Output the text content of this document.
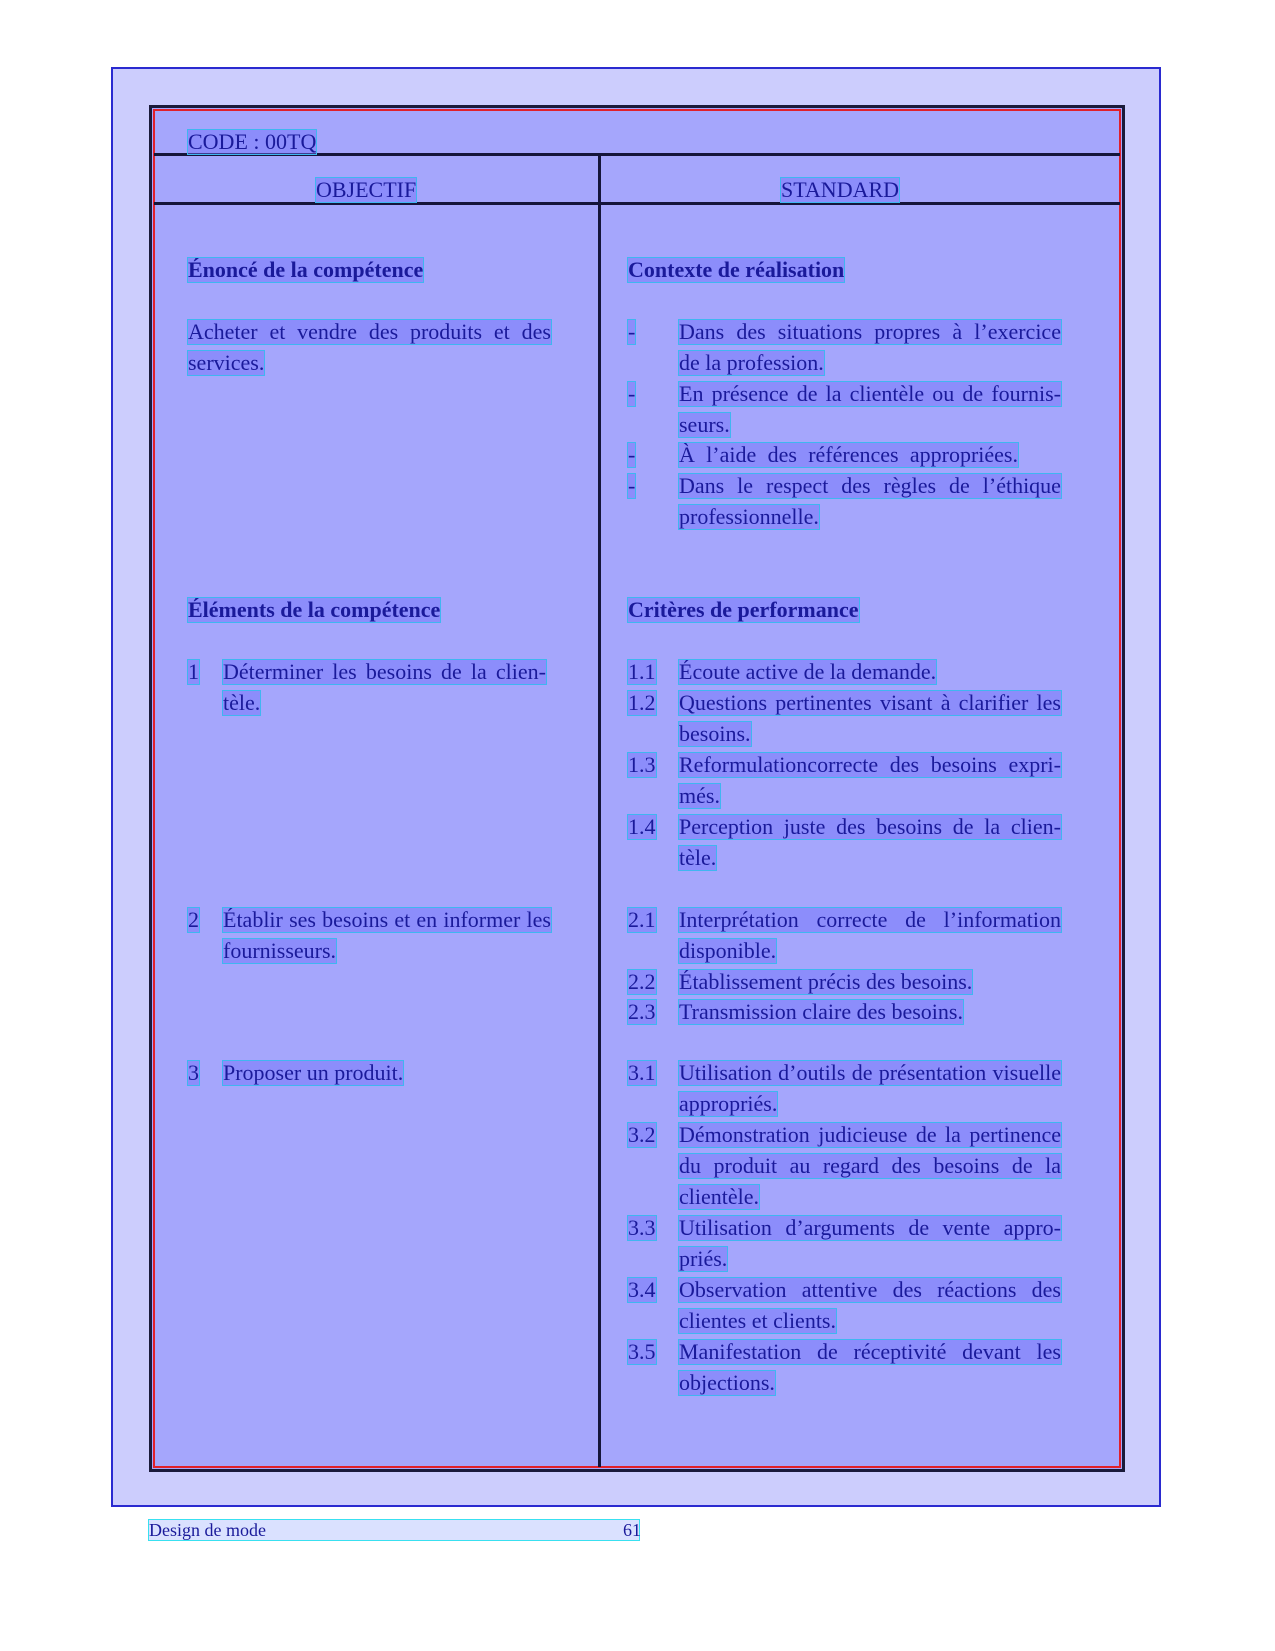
CODE : 00TQ
OBJECTIF	STANDARD
Énoncé de la compétence
Acheter et vendre des produits et des
services.
Éléments de la compétence
1 Déterminer les besoins de la clien-
tèle.
2 Établir ses besoins et en informer les
fournisseurs.
3 Proposer un produit.
Contexte de réalisation
- Dans des situations propres à l’exercice
de la profession.
- En présence de la clientèle ou de fournis-
seurs.
- À l’aide des références appropriées.
- Dans le respect des règles de l’éthique
professionnelle.
Critères de performance
1.1 Écoute active de la demande.
1.2 Questions pertinentes visant à clarifier les
besoins.
1.3 Reformulationcorrecte des besoins expri-
més.
1.4 Perception juste des besoins de la clien-
tèle.
2.1 Interprétation correcte de l’information
disponible.
2.2 Établissement précis des besoins.
2.3 Transmission claire des besoins.
3.1 Utilisation d’outils de présentation visuelle
appropriés.
3.2 Démonstration judicieuse de la pertinence
du produit au regard des besoins de la
clientèle.
3.3 Utilisation d’arguments de vente appro-
priés.
3.4 Observation attentive des réactions des
clientes et clients.
3.5 Manifestation de réceptivité devant les
objections.
Design de mode	61
